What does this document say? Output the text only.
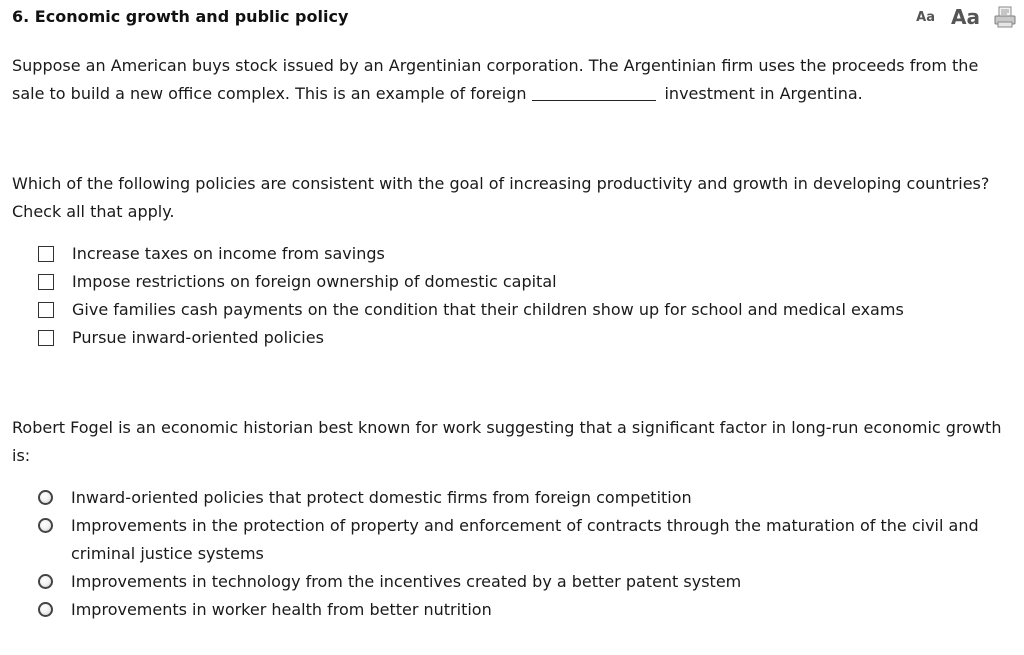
6. Economic growth and public policy	Aa Aa
Suppose an American buys stock issued by an Argentinian corporation. The Argentinian firm uses the proceeds from the sale to build a new office complex. This is an example of foreign	investment in Argentina.
Which of the following policies are consistent with the goal of increasing productivity and growth in developing countries? Check all that apply.
Increase taxes on income from savings
Impose restrictions on foreign ownership of domestic capital
Give families cash payments on the condition that their children show up for school and medical exams
Pursue inward-oriented policies
Robert Fogel is an economic historian best known for work suggesting that a significant factor in long-run economic growth is:
Inward-oriented policies that protect domestic firms from foreign competition
Improvements in the protection of property and enforcement of contracts through the maturation of the civil and criminal justice systems
Improvements in technology from the incentives created by a better patent system
Improvements in worker health from better nutrition
